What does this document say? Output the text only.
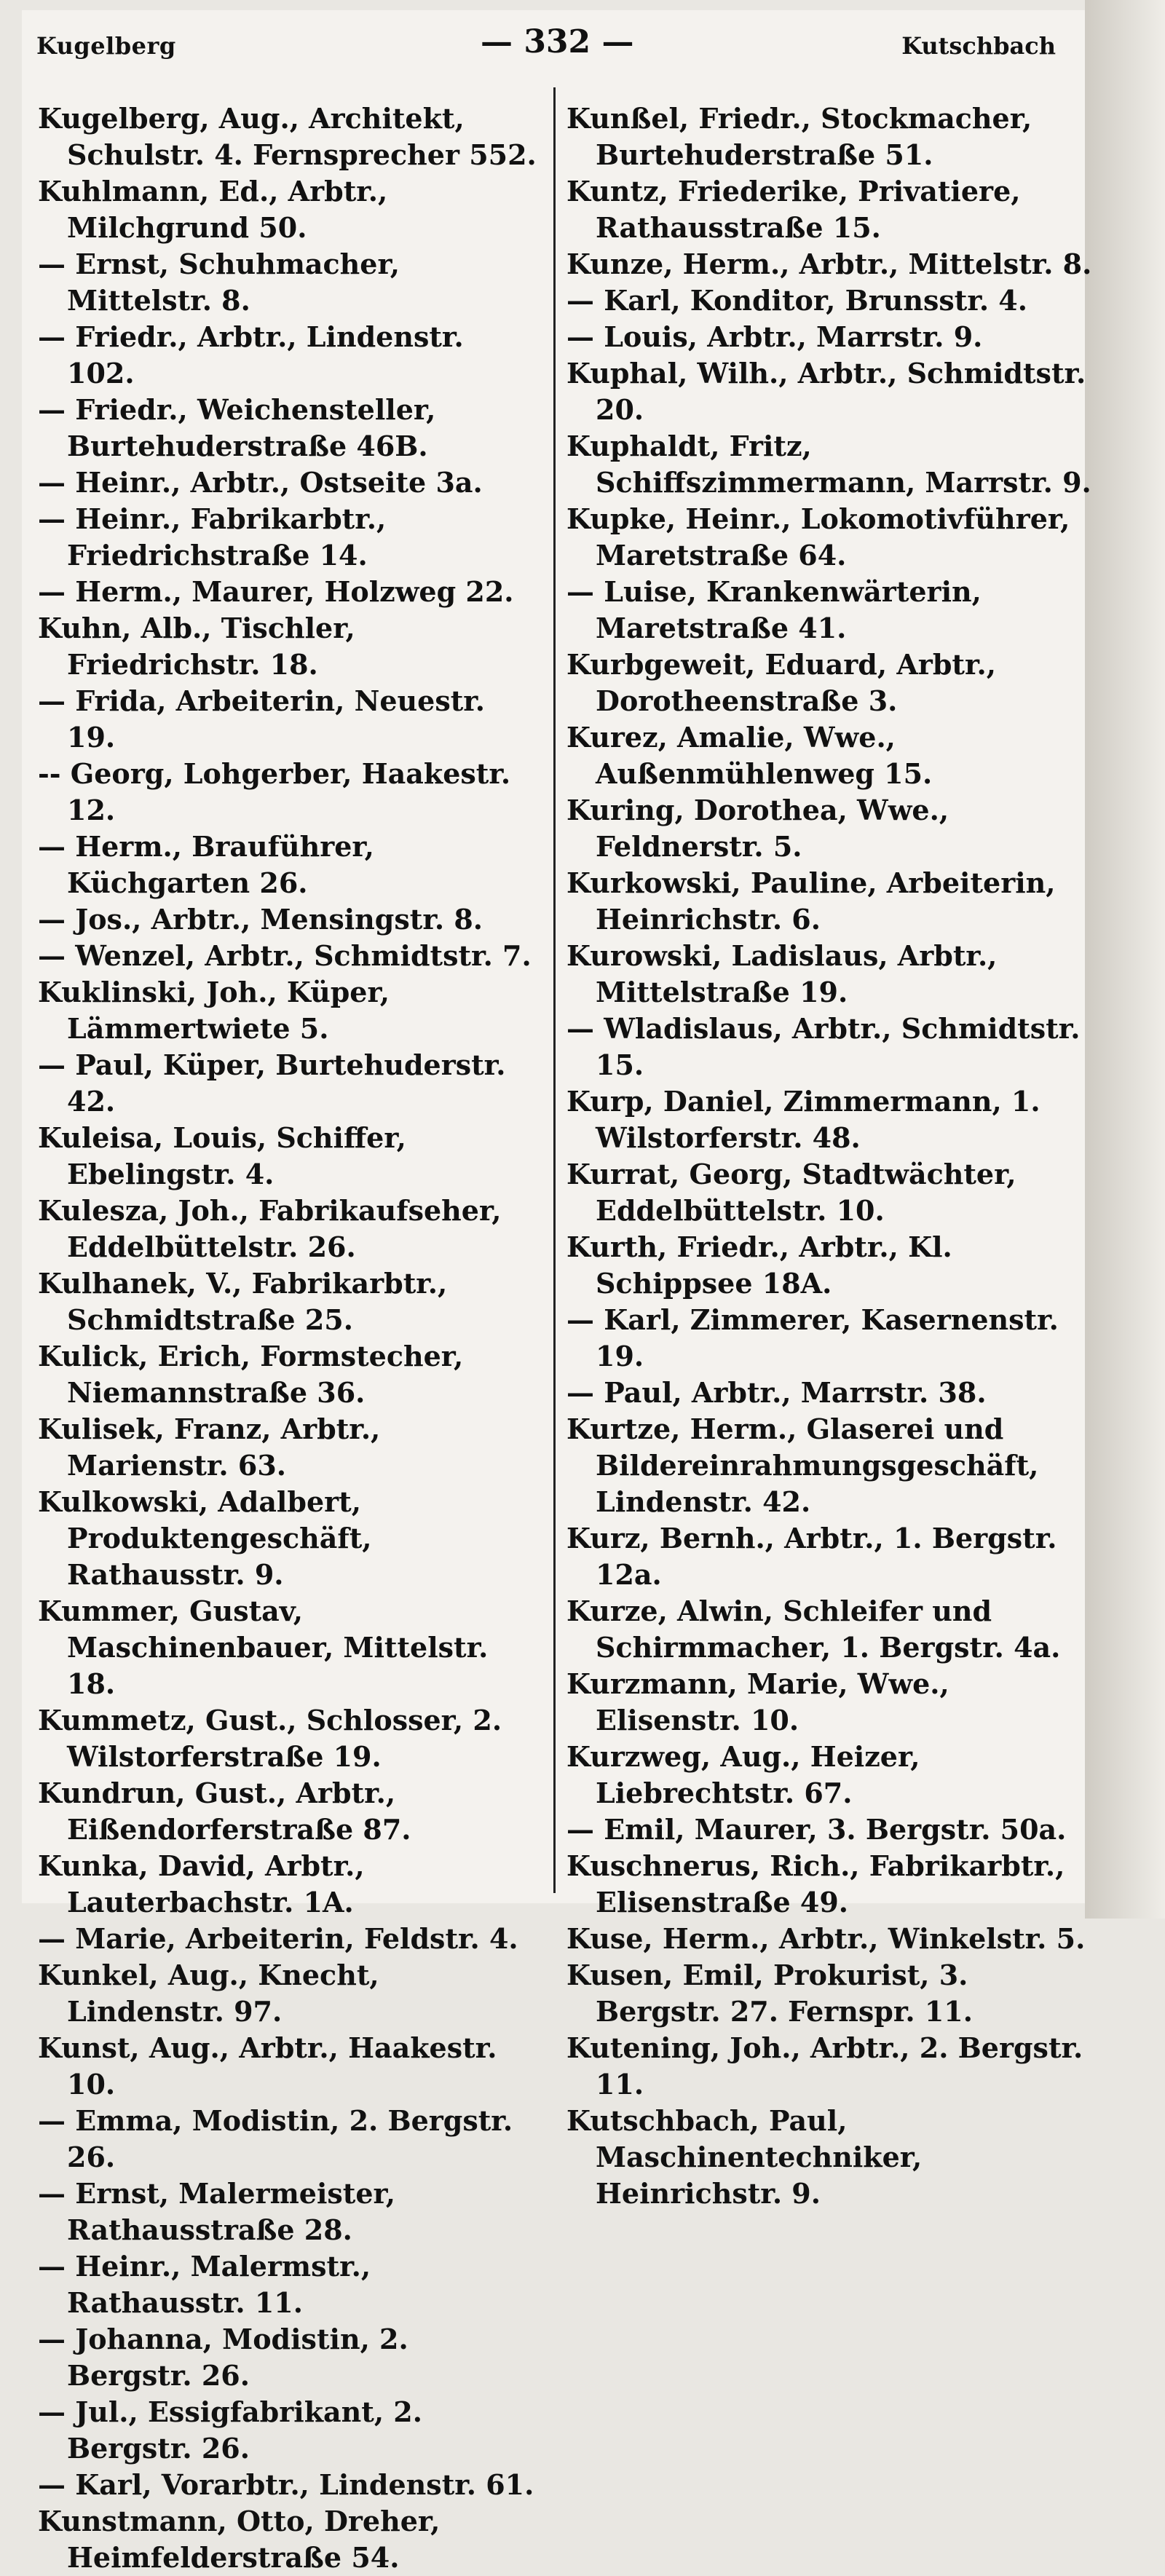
Kugelberg	— 332 —	Kutschbach

Kugelberg, Aug., Architekt, Schulstr. 4. Fernsprecher 552.

Kuhlmann, Ed., Arbtr., Milchgrund 50.

— Ernst, Schuhmacher, Mittelstr. 8.

— Friedr., Arbtr., Lindenstr. 102.

— Friedr., Weichensteller, Burtehuderstraße 46B.

— Heinr., Arbtr., Ostseite 3a.

— Heinr., Fabrikarbtr., Friedrichstraße 14.

— Herm., Maurer, Holzweg 22.

Kuhn, Alb., Tischler, Friedrichstr. 18.

— Frida, Arbeiterin, Neuestr. 19.

-- Georg, Lohgerber, Haakestr. 12.

— Herm., Brauführer, Küchgarten 26.

— Jos., Arbtr., Mensingstr. 8.

— Wenzel, Arbtr., Schmidtstr. 7.

Kuklinski, Joh., Küper, Lämmertwiete 5.

— Paul, Küper, Burtehuderstr. 42.

Kuleisa, Louis, Schiffer, Ebelingstr. 4.

Kulesza, Joh., Fabrikaufseher, Eddelbüttelstr. 26.

Kulhanek, V., Fabrikarbtr., Schmidtstraße 25.

Kulick, Erich, Formstecher, Niemannstraße 36.

Kulisek, Franz, Arbtr., Marienstr. 63.

Kulkowski, Adalbert, Produktengeschäft, Rathausstr. 9.

Kummer, Gustav, Maschinenbauer, Mittelstr. 18.

Kummetz, Gust., Schlosser, 2. Wilstorferstraße 19.

Kundrun, Gust., Arbtr., Eißendorferstraße 87.

Kunka, David, Arbtr., Lauterbachstr. 1A.

— Marie, Arbeiterin, Feldstr. 4.

Kunkel, Aug., Knecht, Lindenstr. 97.

Kunst, Aug., Arbtr., Haakestr. 10.

— Emma, Modistin, 2. Bergstr. 26.

— Ernst, Malermeister, Rathausstraße 28.

— Heinr., Malermstr., Rathausstr. 11.

— Johanna, Modistin, 2. Bergstr. 26.

— Jul., Essigfabrikant, 2. Bergstr. 26.

— Karl, Vorarbtr., Lindenstr. 61.

Kunstmann, Otto, Dreher, Heimfelderstraße 54.

Kunßel, Friedr., Stockmacher, Burtehuderstraße 51.

Kuntz, Friederike, Privatiere, Rathausstraße 15.

Kunze, Herm., Arbtr., Mittelstr. 8.

— Karl, Konditor, Brunsstr. 4.

— Louis, Arbtr., Marrstr. 9.

Kuphal, Wilh., Arbtr., Schmidtstr. 20.

Kuphaldt, Fritz, Schiffszimmermann, Marrstr. 9.

Kupke, Heinr., Lokomotivführer, Maretstraße 64.

— Luise, Krankenwärterin, Maretstraße 41.

Kurbgeweit, Eduard, Arbtr., Dorotheenstraße 3.

Kurez, Amalie, Wwe., Außenmühlenweg 15.

Kuring, Dorothea, Wwe., Feldnerstr. 5.

Kurkowski, Pauline, Arbeiterin, Heinrichstr. 6.

Kurowski, Ladislaus, Arbtr., Mittelstraße 19.

— Wladislaus, Arbtr., Schmidtstr. 15.

Kurp, Daniel, Zimmermann, 1. Wilstorferstr. 48.

Kurrat, Georg, Stadtwächter, Eddelbüttelstr. 10.

Kurth, Friedr., Arbtr., Kl. Schippsee 18A.

— Karl, Zimmerer, Kasernenstr. 19.

— Paul, Arbtr., Marrstr. 38.

Kurtze, Herm., Glaserei und Bildereinrahmungsgeschäft, Lindenstr. 42.

Kurz, Bernh., Arbtr., 1. Bergstr. 12a.

Kurze, Alwin, Schleifer und Schirmmacher, 1. Bergstr. 4a.

Kurzmann, Marie, Wwe., Elisenstr. 10.

Kurzweg, Aug., Heizer, Liebrechtstr. 67.

— Emil, Maurer, 3. Bergstr. 50a.

Kuschnerus, Rich., Fabrikarbtr., Elisenstraße 49.

Kuse, Herm., Arbtr., Winkelstr. 5.

Kusen, Emil, Prokurist, 3. Bergstr. 27. Fernspr. 11.

Kutening, Joh., Arbtr., 2. Bergstr. 11.

Kutschbach, Paul, Maschinentechniker, Heinrichstr. 9.
